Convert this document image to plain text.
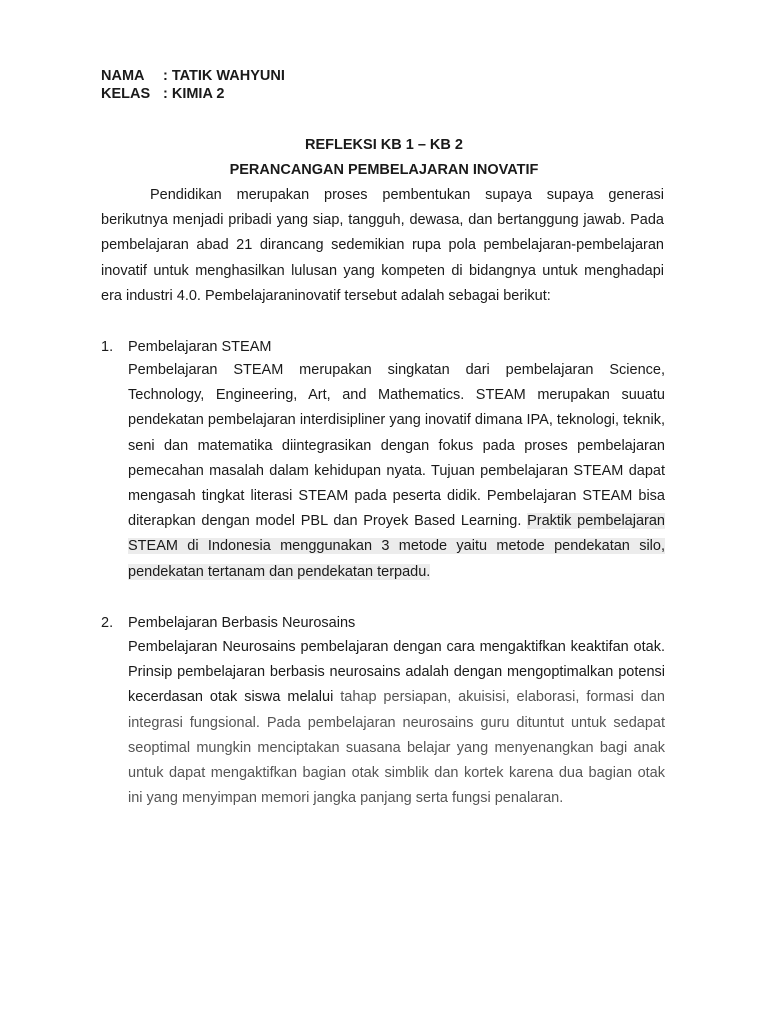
NAMA : TATIK WAHYUNI
KELAS : KIMIA 2
REFLEKSI KB 1 – KB 2
PERANCANGAN PEMBELAJARAN INOVATIF
Pendidikan merupakan proses pembentukan supaya supaya generasi berikutnya menjadi pribadi yang siap, tangguh, dewasa, dan bertanggung jawab. Pada pembelajaran abad 21 dirancang sedemikian rupa pola pembelajaran-pembelajaran inovatif untuk menghasilkan lulusan yang kompeten di bidangnya untuk menghadapi era industri 4.0. Pembelajaraninovatif tersebut adalah sebagai berikut:
1. Pembelajaran STEAM
Pembelajaran STEAM merupakan singkatan dari pembelajaran Science, Technology, Engineering, Art, and Mathematics. STEAM merupakan suuatu pendekatan pembelajaran interdisipliner yang inovatif dimana IPA, teknologi, teknik, seni dan matematika diintegrasikan dengan fokus pada proses pembelajaran pemecahan masalah dalam kehidupan nyata. Tujuan pembelajaran STEAM dapat mengasah tingkat literasi STEAM pada peserta didik. Pembelajaran STEAM bisa diterapkan dengan model PBL dan Proyek Based Learning. Praktik pembelajaran STEAM di Indonesia menggunakan 3 metode yaitu metode pendekatan silo, pendekatan tertanam dan pendekatan terpadu.
2. Pembelajaran Berbasis Neurosains
Pembelajaran Neurosains pembelajaran dengan cara mengaktifkan keaktifan otak. Prinsip pembelajaran berbasis neurosains adalah dengan mengoptimalkan potensi kecerdasan otak siswa melalui tahap persiapan, akuisisi, elaborasi, formasi dan integrasi fungsional. Pada pembelajaran neurosains guru dituntut untuk sedapat seoptimal mungkin menciptakan suasana belajar yang menyenangkan bagi anak untuk dapat mengaktifkan bagian otak simblik dan kortek karena dua bagian otak ini yang menyimpan memori jangka panjang serta fungsi penalaran.
